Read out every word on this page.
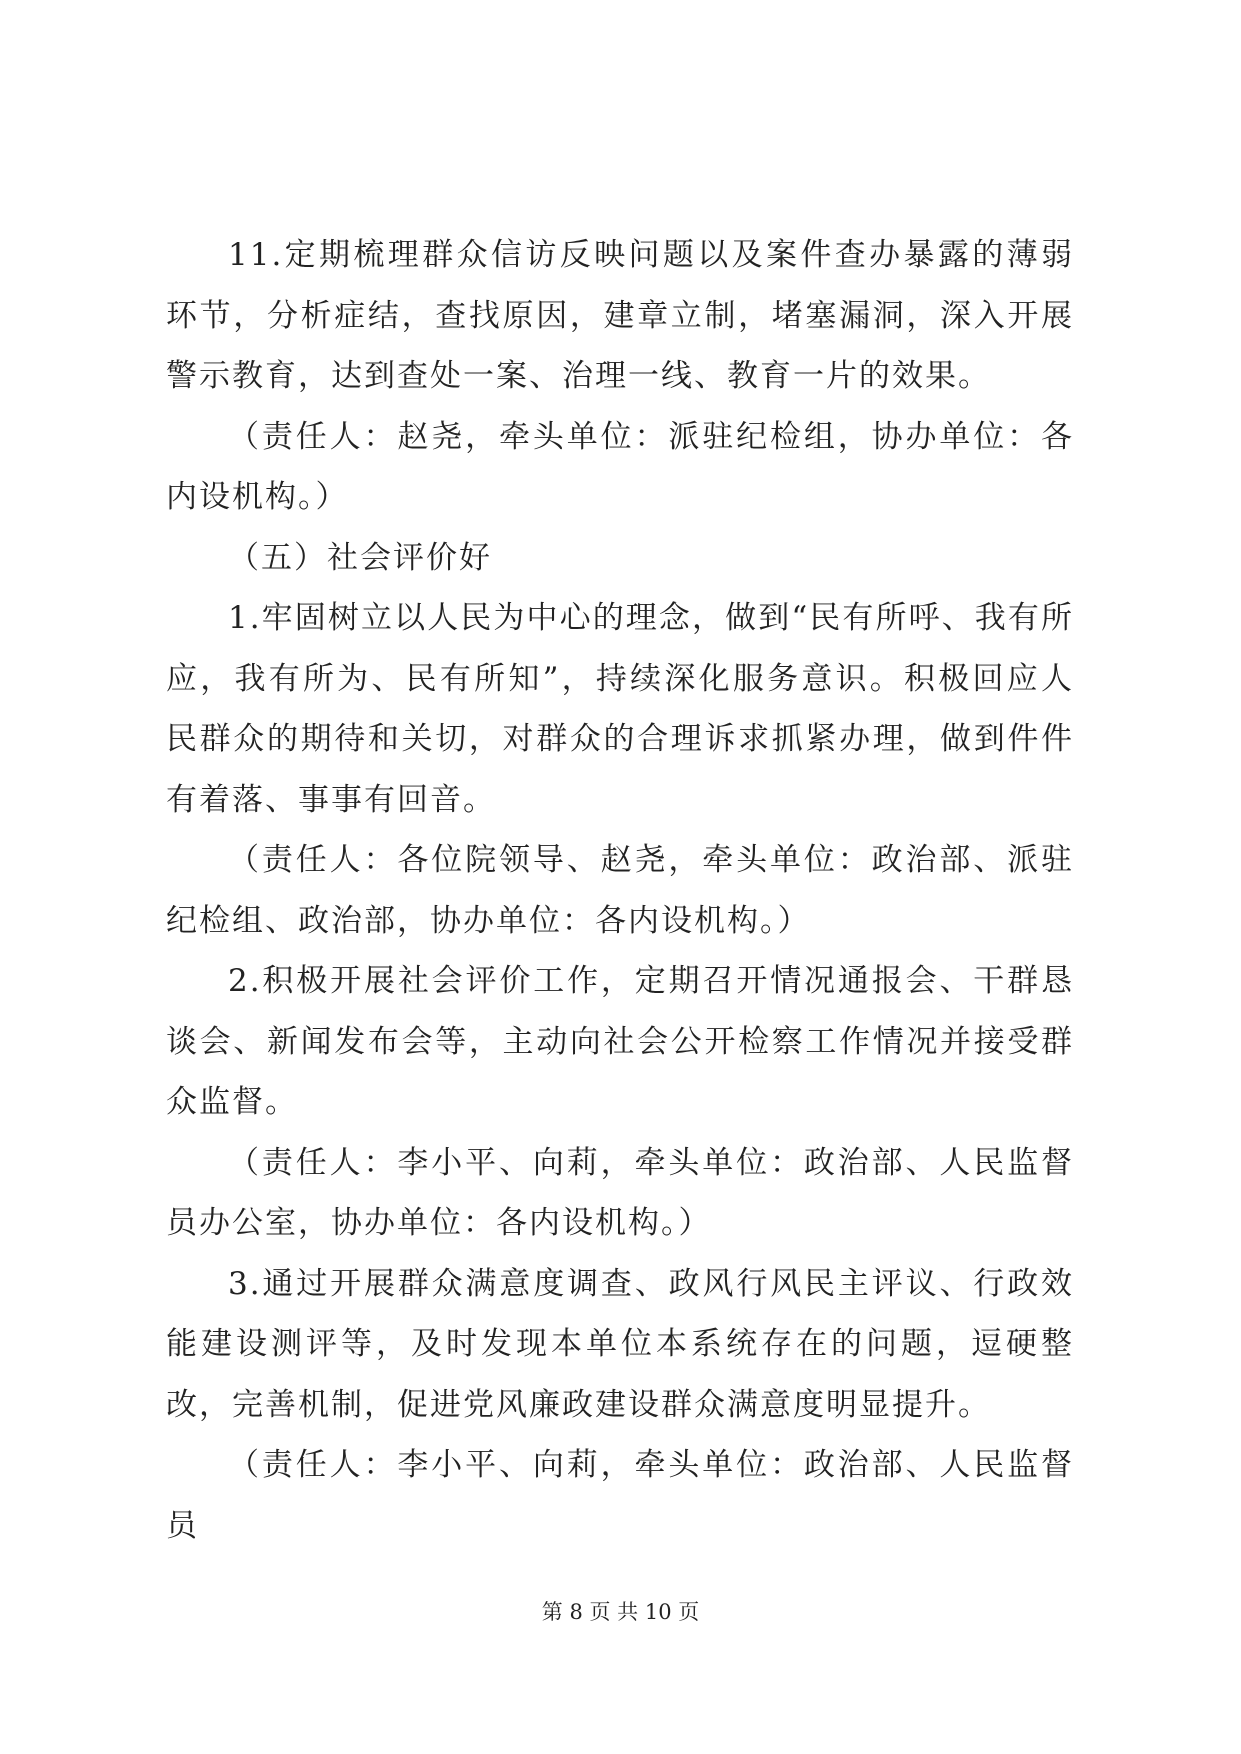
11.定期梳理群众信访反映问题以及案件查办暴露的薄弱环节，分析症结，查找原因，建章立制，堵塞漏洞，深入开展警示教育，达到查处一案、治理一线、教育一片的效果。

（责任人：赵尧，牵头单位：派驻纪检组，协办单位：各内设机构。）

（五）社会评价好

1.牢固树立以人民为中心的理念，做到“民有所呼、我有所应，我有所为、民有所知”，持续深化服务意识。积极回应人民群众的期待和关切，对群众的合理诉求抓紧办理，做到件件有着落、事事有回音。

（责任人：各位院领导、赵尧，牵头单位：政治部、派驻纪检组、政治部，协办单位：各内设机构。）

2.积极开展社会评价工作，定期召开情况通报会、干群恳谈会、新闻发布会等，主动向社会公开检察工作情况并接受群众监督。

（责任人：李小平、向莉，牵头单位：政治部、人民监督员办公室，协办单位：各内设机构。）

3.通过开展群众满意度调查、政风行风民主评议、行政效能建设测评等，及时发现本单位本系统存在的问题，逗硬整改，完善机制，促进党风廉政建设群众满意度明显提升。

（责任人：李小平、向莉，牵头单位：政治部、人民监督员

第 8 页 共 10 页
